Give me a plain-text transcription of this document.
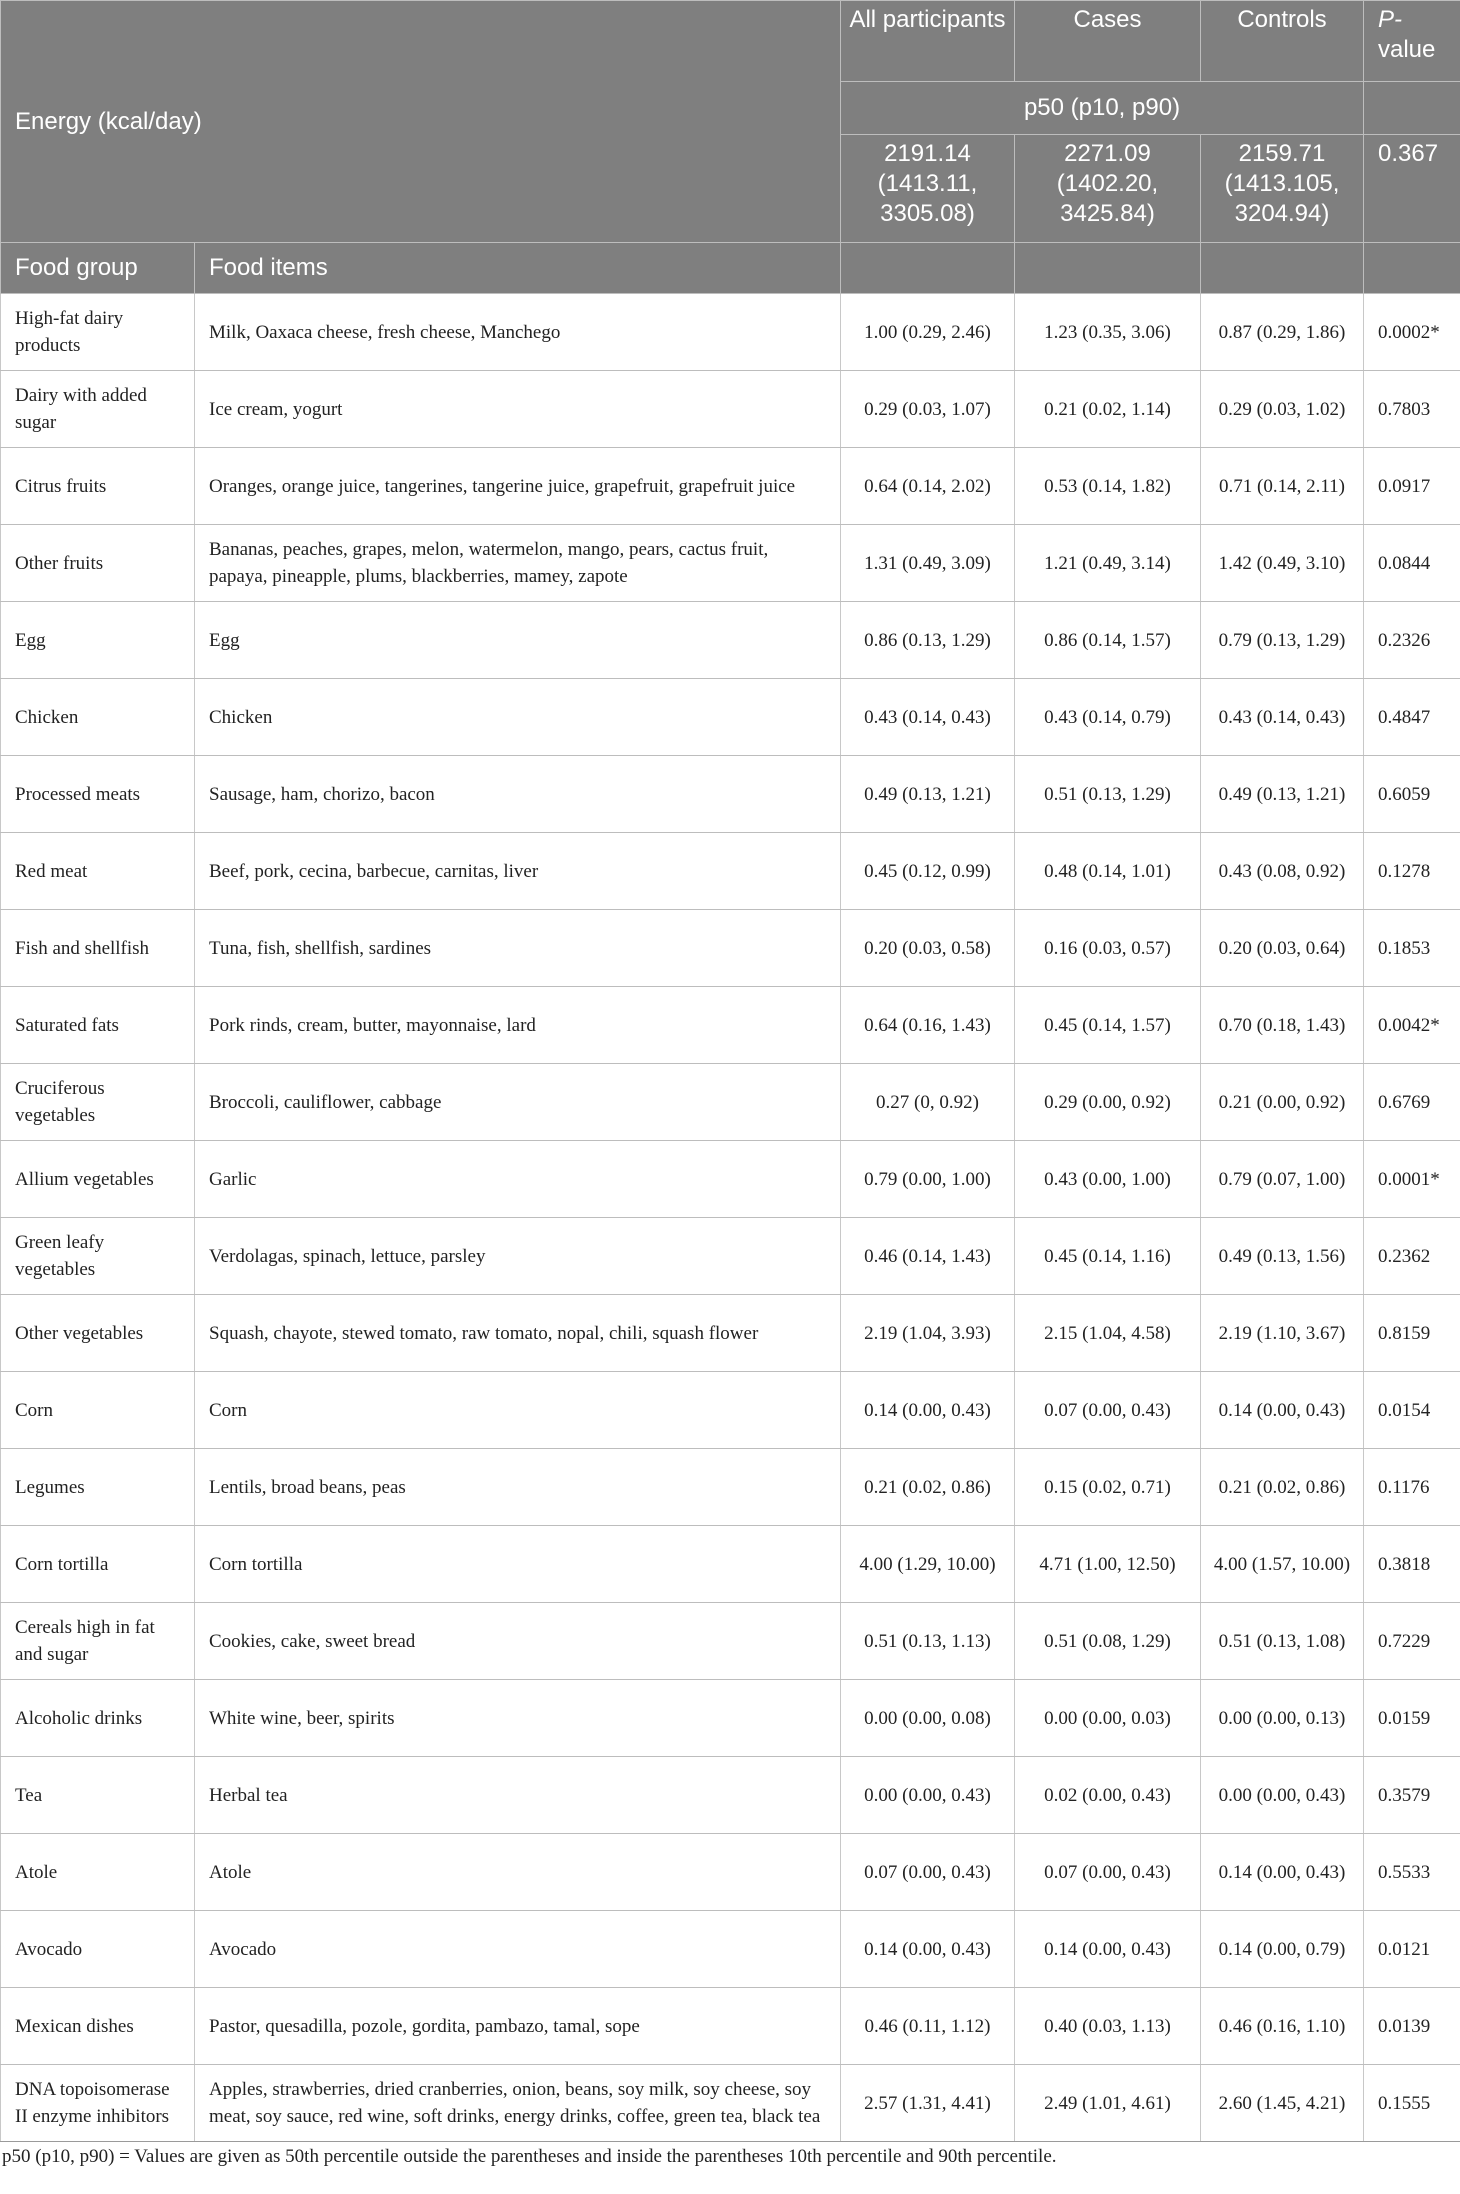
Energy (kcal/day)		All participants	Cases	Controls	P-
value
		p50 (p10, p90)			
		2191.14 (1413.11, 3305.08)	2271.09 (1402.20, 3425.84)	2159.71 (1413.105, 3204.94)	0.367
Food group	Food items				
High-fat dairy products	Milk, Oaxaca cheese, fresh cheese, Manchego	1.00 (0.29, 2.46)	1.23 (0.35, 3.06)	0.87 (0.29, 1.86)	0.0002*
Dairy with added sugar	Ice cream, yogurt	0.29 (0.03, 1.07)	0.21 (0.02, 1.14)	0.29 (0.03, 1.02)	0.7803
Citrus fruits	Oranges, orange juice, tangerines, tangerine juice, grapefruit, grapefruit juice	0.64 (0.14, 2.02)	0.53 (0.14, 1.82)	0.71 (0.14, 2.11)	0.0917
Other fruits	Bananas, peaches, grapes, melon, watermelon, mango, pears, cactus fruit, papaya, pineapple, plums, blackberries, mamey, zapote	1.31 (0.49, 3.09)	1.21 (0.49, 3.14)	1.42 (0.49, 3.10)	0.0844
Egg	Egg	0.86 (0.13, 1.29)	0.86 (0.14, 1.57)	0.79 (0.13, 1.29)	0.2326
Chicken	Chicken	0.43 (0.14, 0.43)	0.43 (0.14, 0.79)	0.43 (0.14, 0.43)	0.4847
Processed meats	Sausage, ham, chorizo, bacon	0.49 (0.13, 1.21)	0.51 (0.13, 1.29)	0.49 (0.13, 1.21)	0.6059
Red meat	Beef, pork, cecina, barbecue, carnitas, liver	0.45 (0.12, 0.99)	0.48 (0.14, 1.01)	0.43 (0.08, 0.92)	0.1278
Fish and shellfish	Tuna, fish, shellfish, sardines	0.20 (0.03, 0.58)	0.16 (0.03, 0.57)	0.20 (0.03, 0.64)	0.1853
Saturated fats	Pork rinds, cream, butter, mayonnaise, lard	0.64 (0.16, 1.43)	0.45 (0.14, 1.57)	0.70 (0.18, 1.43)	0.0042*
Cruciferous vegetables	Broccoli, cauliflower, cabbage	0.27 (0, 0.92)	0.29 (0.00, 0.92)	0.21 (0.00, 0.92)	0.6769
Allium vegetables	Garlic	0.79 (0.00, 1.00)	0.43 (0.00, 1.00)	0.79 (0.07, 1.00)	0.0001*
Green leafy vegetables	Verdolagas, spinach, lettuce, parsley	0.46 (0.14, 1.43)	0.45 (0.14, 1.16)	0.49 (0.13, 1.56)	0.2362
Other vegetables	Squash, chayote, stewed tomato, raw tomato, nopal, chili, squash flower	2.19 (1.04, 3.93)	2.15 (1.04, 4.58)	2.19 (1.10, 3.67)	0.8159
Corn	Corn	0.14 (0.00, 0.43)	0.07 (0.00, 0.43)	0.14 (0.00, 0.43)	0.0154
Legumes	Lentils, broad beans, peas	0.21 (0.02, 0.86)	0.15 (0.02, 0.71)	0.21 (0.02, 0.86)	0.1176
Corn tortilla	Corn tortilla	4.00 (1.29, 10.00)	4.71 (1.00, 12.50)	4.00 (1.57, 10.00)	0.3818
Cereals high in fat and sugar	Cookies, cake, sweet bread	0.51 (0.13, 1.13)	0.51 (0.08, 1.29)	0.51 (0.13, 1.08)	0.7229
Alcoholic drinks	White wine, beer, spirits	0.00 (0.00, 0.08)	0.00 (0.00, 0.03)	0.00 (0.00, 0.13)	0.0159
Tea	Herbal tea	0.00 (0.00, 0.43)	0.02 (0.00, 0.43)	0.00 (0.00, 0.43)	0.3579
Atole	Atole	0.07 (0.00, 0.43)	0.07 (0.00, 0.43)	0.14 (0.00, 0.43)	0.5533
Avocado	Avocado	0.14 (0.00, 0.43)	0.14 (0.00, 0.43)	0.14 (0.00, 0.79)	0.0121
Mexican dishes	Pastor, quesadilla, pozole, gordita, pambazo, tamal, sope	0.46 (0.11, 1.12)	0.40 (0.03, 1.13)	0.46 (0.16, 1.10)	0.0139
DNA topoisomerase II enzyme inhibitors	Apples, strawberries, dried cranberries, onion, beans, soy milk, soy cheese, soy meat, soy sauce, red wine, soft drinks, energy drinks, coffee, green tea, black tea	2.57 (1.31, 4.41)	2.49 (1.01, 4.61)	2.60 (1.45, 4.21)	0.1555
p50 (p10, p90) = Values are given as 50th percentile outside the parentheses and inside the parentheses 10th percentile and 90th percentile.
